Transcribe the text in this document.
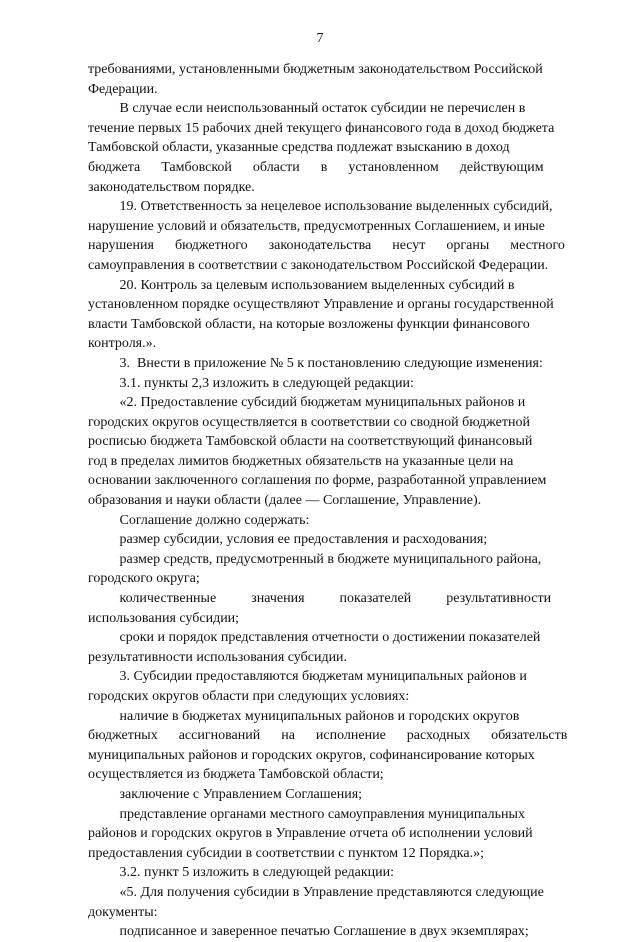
7
требованиями, установленными бюджетным законодательством Российской
Федерации.
В случае если неиспользованный остаток субсидии не перечислен в
течение первых 15 рабочих дней текущего финансового года в доход бюджета
Тамбовской области, указанные средства подлежат взысканию в доход
бюджета      Тамбовской      области      в      установленном      действующим
законодательством порядке.
19. Ответственность за нецелевое использование выделенных субсидий,
нарушение условий и обязательств, предусмотренных Соглашением, и иные
нарушения      бюджетного      законодательства      несут      органы      местного
самоуправления в соответствии с законодательством Российской Федерации.
20. Контроль за целевым использованием выделенных субсидий в
установленном порядке осуществляют Управление и органы государственной
власти Тамбовской области, на которые возложены функции финансового
контроля.».
3.  Внести в приложение № 5 к постановлению следующие изменения:
3.1. пункты 2,3 изложить в следующей редакции:
«2. Предоставление субсидий бюджетам муниципальных районов и
городских округов осуществляется в соответствии со сводной бюджетной
росписью бюджета Тамбовской области на соответствующий финансовый
год в пределах лимитов бюджетных обязательств на указанные цели на
основании заключенного соглашения по форме, разработанной управлением
образования и науки области (далее — Соглашение, Управление).
Соглашение должно содержать:
размер субсидии, условия ее предоставления и расходования;
размер средств, предусмотренный в бюджете муниципального района,
городского округа;
количественные          значения          показателей          результативности
использования субсидии;
сроки и порядок представления отчетности о достижении показателей
результативности использования субсидии.
3. Субсидии предоставляются бюджетам муниципальных районов и
городских округов области при следующих условиях:
наличие в бюджетах муниципальных районов и городских округов
бюджетных      ассигнований      на      исполнение      расходных      обязательств
муниципальных районов и городских округов, софинансирование которых
осуществляется из бюджета Тамбовской области;
заключение с Управлением Соглашения;
представление органами местного самоуправления муниципальных
районов и городских округов в Управление отчета об исполнении условий
предоставления субсидии в соответствии с пунктом 12 Порядка.»;
3.2. пункт 5 изложить в следующей редакции:
«5. Для получения субсидии в Управление представляются следующие
документы:
подписанное и заверенное печатью Соглашение в двух экземплярах;
